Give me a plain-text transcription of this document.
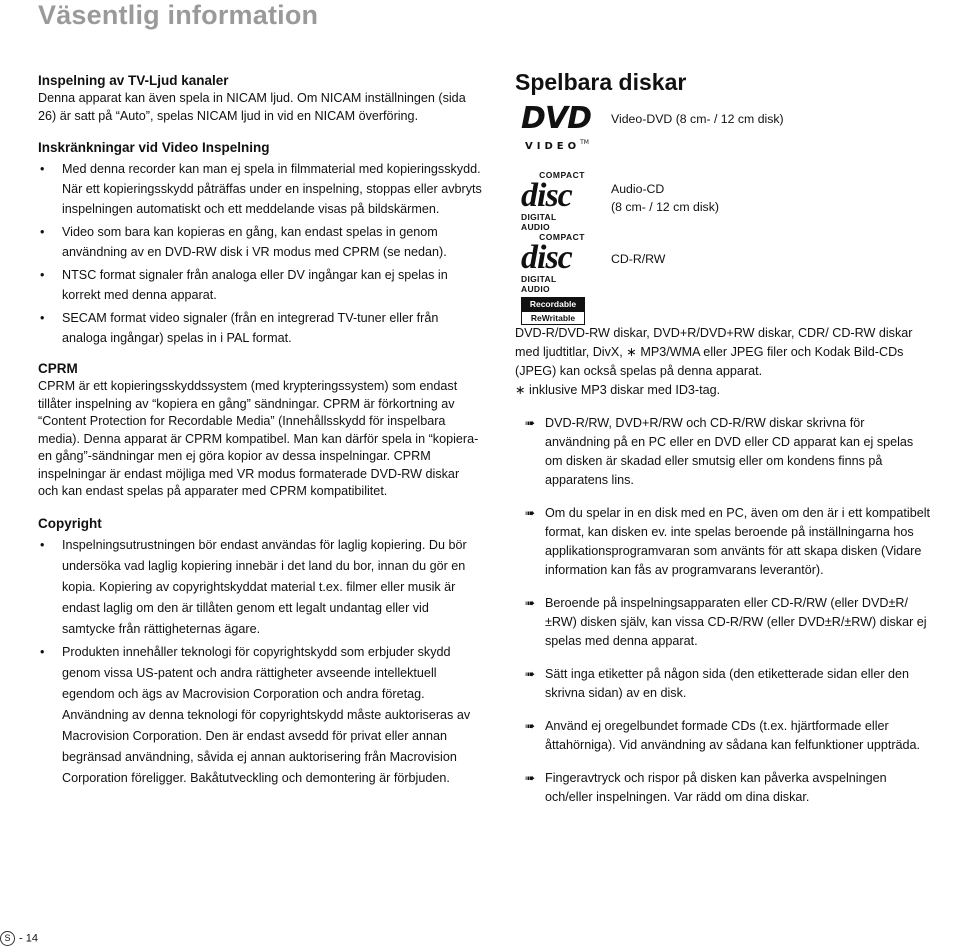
Väsentlig information
Inspelning av TV-Ljud kanaler

Denna apparat kan även spela in NICAM ljud. Om NICAM inställningen (sida 26) är satt på “Auto”, spelas NICAM ljud in vid en NICAM överföring.

Inskränkningar vid Video Inspelning
• Med denna recorder kan man ej spela in filmmaterial med kopieringsskydd. När ett kopieringsskydd påträffas under en inspelning, stoppas eller avbryts inspelningen automatiskt och ett meddelande visas på bildskärmen.
• Video som bara kan kopieras en gång, kan endast spelas in genom användning av en DVD-RW disk i VR modus med CPRM (se nedan).
• NTSC format signaler från analoga eller DV ingångar kan ej spelas in korrekt med denna apparat.
• SECAM format video signaler (från en integrerad TV-tuner eller från analoga ingångar) spelas in i PAL format.
CPRM

CPRM är ett kopieringsskyddssystem (med krypteringssystem) som endast tillåter inspelning av “kopiera en gång” sändningar. CPRM är förkortning av “Content Protection for Recordable Media” (Innehållsskydd för inspelbara media). Denna apparat är CPRM kompatibel. Man kan därför spela in “kopiera-en gång”-sändningar men ej göra kopior av dessa inspelningar. CPRM inspelningar är endast möjliga med VR modus formaterade DVD-RW diskar och kan endast spelas på apparater med CPRM kompatibilitet.

Copyright
• Inspelningsutrustningen bör endast användas för laglig kopiering. Du bör undersöka vad laglig kopiering innebär i det land du bor, innan du gör en kopia. Kopiering av copyrightskyddat material t.ex. filmer eller musik är endast laglig om den är tillåten genom ett legalt undantag eller vid samtycke från rättigheternas ägare.
• Produkten innehåller teknologi för copyrightskydd som erbjuder skydd genom vissa US-patent och andra rättigheter avseende intellektuell egendom och ägs av Macrovision Corporation och andra företag. Användning av denna teknologi för copyrightskydd måste auktoriseras av Macrovision Corporation. Den är endast avsedd för privat eller annan begränsad användning, såvida ej annan auktorisering från Macrovision Corporation föreligger. Bakåtutveckling och demontering är förbjuden.
Spelbara diskar
DVD
VIDEO™
Video-DVD (8 cm- / 12 cm disk)
COMPACT
disc
DIGITAL AUDIO
Audio-CD
(8 cm- / 12 cm disk)
COMPACT
disc
DIGITAL AUDIO
Recordable
ReWritable
CD-R/RW

DVD-R/DVD-RW diskar, DVD+R/DVD+RW diskar, CDR/ CD-RW diskar med ljudtitlar, DivX, ∗ MP3/WMA eller JPEG filer och Kodak Bild-CDs (JPEG) kan också spelas på denna apparat.

∗ inklusive MP3 diskar med ID3-tag.

➠ DVD-R/RW, DVD+R/RW och CD-R/RW diskar skrivna för användning på en PC eller en DVD eller CD apparat kan ej spelas om disken är skadad eller smutsig eller om kondens finns på apparatens lins.
➠ Om du spelar in en disk med en PC, även om den är i ett kompatibelt format, kan disken ev. inte spelas beroende på inställningarna hos applikationsprogramvaran som använts för att skapa disken (Vidare information kan fås av programvarans leverantör).
➠ Beroende på inspelningsapparaten eller CD-R/RW (eller DVD±R/±RW) disken själv, kan vissa CD-R/RW (eller DVD±R/±RW) diskar ej spelas med denna apparat.
➠ Sätt inga etiketter på någon sida (den etiketterade sidan eller den skrivna sidan) av en disk.
➠ Använd ej oregelbundet formade CDs (t.ex. hjärtformade eller åttahörniga). Vid användning av sådana kan felfunktioner uppträda.
➠ Fingeravtryck och rispor på disken kan påverka avspelningen och/eller inspelningen. Var rädd om dina diskar.
S - 14
